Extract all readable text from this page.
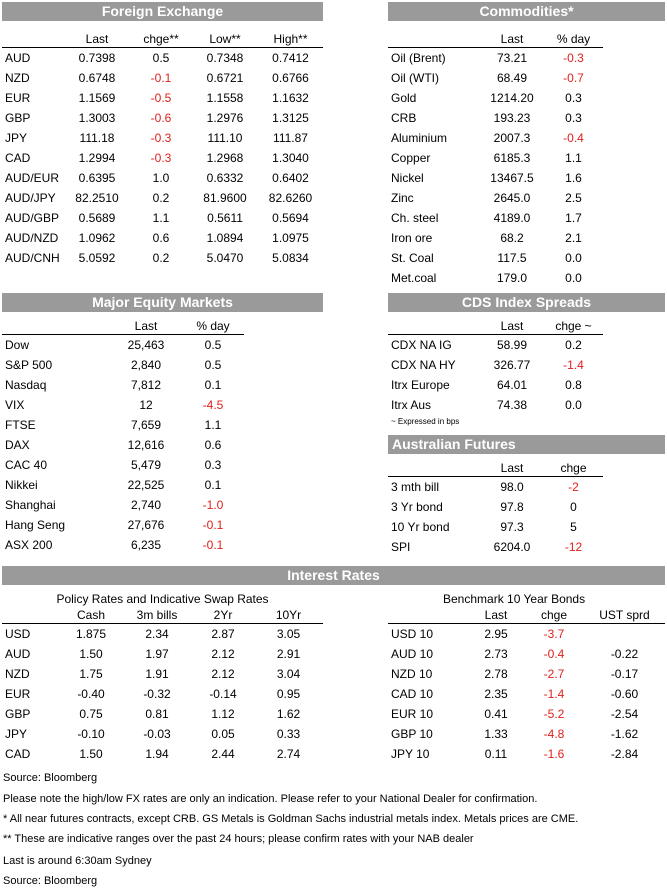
Foreign Exchange
	Last	chge**	Low**	High**
AUD	0.7398	0.5	0.7348	0.7412
NZD	0.6748	-0.1	0.6721	0.6766
EUR	1.1569	-0.5	1.1558	1.1632
GBP	1.3003	-0.6	1.2976	1.3125
JPY	111.18	-0.3	111.10	111.87
CAD	1.2994	-0.3	1.2968	1.3040
AUD/EUR	0.6395	1.0	0.6332	0.6402
AUD/JPY	82.2510	0.2	81.9600	82.6260
AUD/GBP	0.5689	1.1	0.5611	0.5694
AUD/NZD	1.0962	0.6	1.0894	1.0975
AUD/CNH	5.0592	0.2	5.0470	5.0834
Commodities*
	Last	% day
Oil (Brent)	73.21	-0.3
Oil (WTI)	68.49	-0.7
Gold	1214.20	0.3
CRB	193.23	0.3
Aluminium	2007.3	-0.4
Copper	6185.3	1.1
Nickel	13467.5	1.6
Zinc	2645.0	2.5
Ch. steel	4189.0	1.7
Iron ore	68.2	2.1
St. Coal	117.5	0.0
Met.coal	179.0	0.0
Major Equity Markets
	Last	% day
Dow	25,463	0.5
S&P 500	2,840	0.5
Nasdaq	7,812	0.1
VIX	12	-4.5
FTSE	7,659	1.1
DAX	12,616	0.6
CAC 40	5,479	0.3
Nikkei	22,525	0.1
Shanghai	2,740	-1.0
Hang Seng	27,676	-0.1
ASX 200	6,235	-0.1
CDS Index Spreads
	Last	chge ~
CDX NA IG	58.99	0.2
CDX NA HY	326.77	-1.4
Itrx Europe	64.01	0.8
Itrx Aus	74.38	0.0
~ Expressed in bps
Australian Futures
	Last	chge
3 mth bill	98.0	-2
3 Yr bond	97.8	0
10 Yr bond	97.3	5
SPI	6204.0	-12
Interest Rates
Policy Rates and Indicative Swap Rates
	Cash	3m bills	2Yr	10Yr
USD	1.875	2.34	2.87	3.05
AUD	1.50	1.97	2.12	2.91
NZD	1.75	1.91	2.12	3.04
EUR	-0.40	-0.32	-0.14	0.95
GBP	0.75	0.81	1.12	1.62
JPY	-0.10	-0.03	0.05	0.33
CAD	1.50	1.94	2.44	2.74
Benchmark 10 Year Bonds
	Last	chge	UST sprd
USD 10	2.95	-3.7	
AUD 10	2.73	-0.4	-0.22
NZD 10	2.78	-2.7	-0.17
CAD 10	2.35	-1.4	-0.60
EUR 10	0.41	-5.2	-2.54
GBP 10	1.33	-4.8	-1.62
JPY 10	0.11	-1.6	-2.84
Source: Bloomberg
Please note the high/low FX rates are only an indication. Please refer to your National Dealer for confirmation.
* All near futures contracts, except CRB. GS Metals is Goldman Sachs industrial metals index. Metals prices are CME.
** These are indicative ranges over the past 24 hours; please confirm rates with your NAB dealer
Last is around 6:30am Sydney
Source: Bloomberg
